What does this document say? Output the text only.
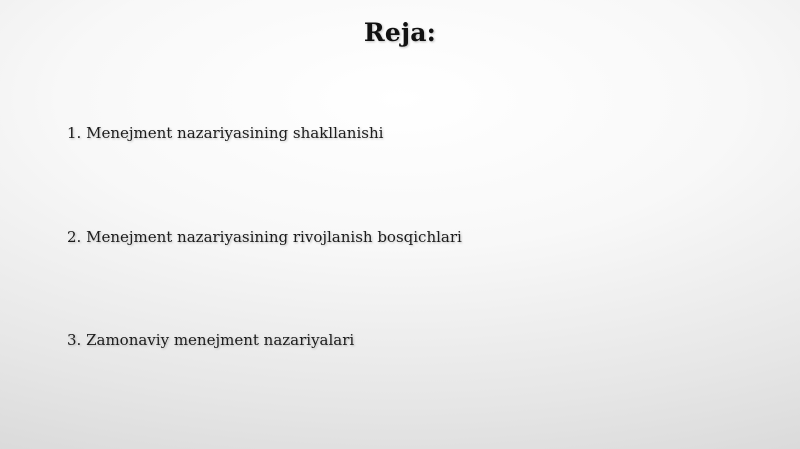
Reja:
1. Menejment nazariyasining shakllanishi
2. Menejment nazariyasining rivojlanish bosqichlari
3. Zamonaviy menejment nazariyalari
